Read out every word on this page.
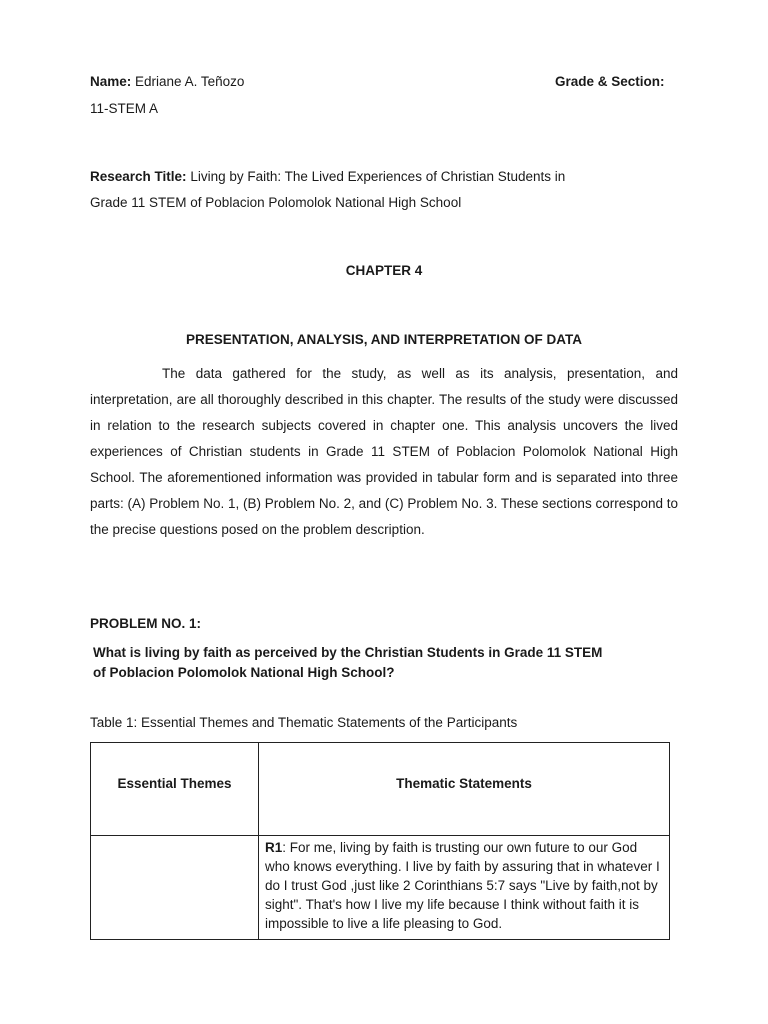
Name: Edriane A. Teñozo	Grade & Section:
11-STEM A
Research Title: Living by Faith: The Lived Experiences of Christian Students in
Grade 11 STEM of Poblacion Polomolok National High School
CHAPTER 4
PRESENTATION, ANALYSIS, AND INTERPRETATION OF DATA
The data gathered for the study, as well as its analysis, presentation, and interpretation, are all thoroughly described in this chapter. The results of the study were discussed in relation to the research subjects covered in chapter one. This analysis uncovers the lived experiences of Christian students in Grade 11 STEM of Poblacion Polomolok National High School. The aforementioned information was provided in tabular form and is separated into three parts: (A) Problem No. 1, (B) Problem No. 2, and (C) Problem No. 3. These sections correspond to the precise questions posed on the problem description.
PROBLEM NO. 1:
What is living by faith as perceived by the Christian Students in Grade 11 STEM
of Poblacion Polomolok National High School?
Table 1: Essential Themes and Thematic Statements of the Participants
Essential Themes	Thematic Statements
	R1: For me, living by faith is trusting our own future to our God who knows everything. I live by faith by assuring that in whatever I do I trust God ,just like 2 Corinthians 5:7 says "Live by faith,not by sight". That's how I live my life because I think without faith it is impossible to live a life pleasing to God.
